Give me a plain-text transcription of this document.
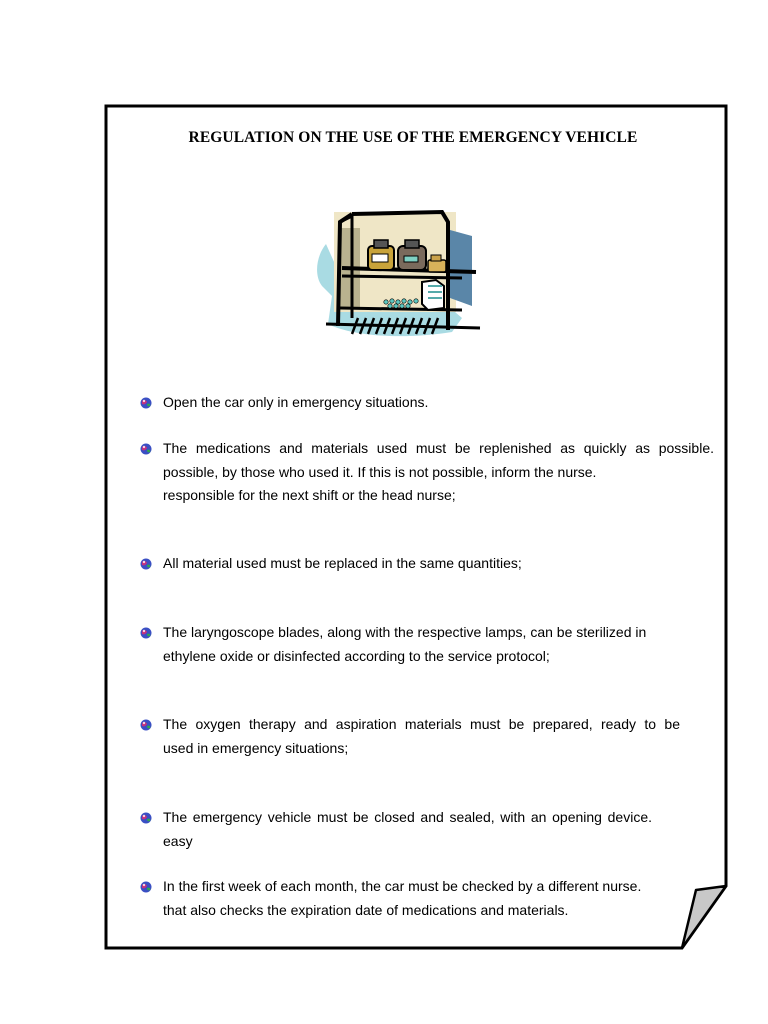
REGULATION ON THE USE OF THE EMERGENCY VEHICLE

Open the car only in emergency situations.

The medications and materials used must be replenished as quickly as possible.
possible, by those who used it. If this is not possible, inform the nurse.
responsible for the next shift or the head nurse;

All material used must be replaced in the same quantities;

The laryngoscope blades, along with the respective lamps, can be sterilized in
ethylene oxide or disinfected according to the service protocol;

The oxygen therapy and aspiration materials must be prepared, ready to be
used in emergency situations;

The emergency vehicle must be closed and sealed, with an opening device.
easy

In the first week of each month, the car must be checked by a different nurse.
that also checks the expiration date of medications and materials.
